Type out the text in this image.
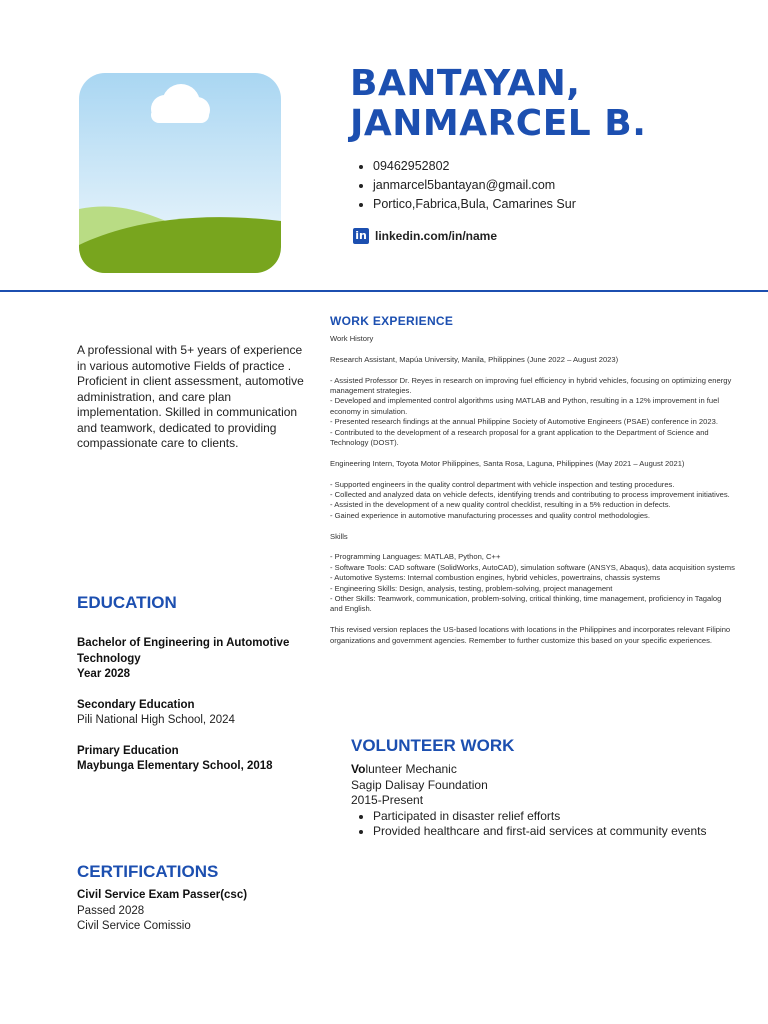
BANTAYAN,
JANMARCEL B.
• 09462952802
• janmarcel5bantayan@gmail.com
• Portico,Fabrica,Bula, Camarines Sur
in linkedin.com/in/name

A professional with 5+ years of experience in various automotive Fields of practice . Proficient in client assessment, automotive administration, and care plan implementation. Skilled in communication and teamwork, dedicated to providing compassionate care to clients.

WORK EXPERIENCE

Work History

Research Assistant, Mapúa University, Manila, Philippines (June 2022 – August 2023)

- Assisted Professor Dr. Reyes in research on improving fuel efficiency in hybrid vehicles, focusing on optimizing energy management strategies.

- Developed and implemented control algorithms using MATLAB and Python, resulting in a 12% improvement in fuel economy in simulation.

- Presented research findings at the annual Philippine Society of Automotive Engineers (PSAE) conference in 2023.

- Contributed to the development of a research proposal for a grant application to the Department of Science and Technology (DOST).

Engineering Intern, Toyota Motor Philippines, Santa Rosa, Laguna, Philippines (May 2021 – August 2021)

- Supported engineers in the quality control department with vehicle inspection and testing procedures.

- Collected and analyzed data on vehicle defects, identifying trends and contributing to process improvement initiatives.

- Assisted in the development of a new quality control checklist, resulting in a 5% reduction in defects.

- Gained experience in automotive manufacturing processes and quality control methodologies.

Skills

- Programming Languages: MATLAB, Python, C++

- Software Tools: CAD software (SolidWorks, AutoCAD), simulation software (ANSYS, Abaqus), data acquisition systems

- Automotive Systems: Internal combustion engines, hybrid vehicles, powertrains, chassis systems

- Engineering Skills: Design, analysis, testing, problem-solving, project management

- Other Skills: Teamwork, communication, problem-solving, critical thinking, time management, proficiency in Tagalog and English.

This revised version replaces the US-based locations with locations in the Philippines and incorporates relevant Filipino organizations and government agencies. Remember to further customize this based on your specific experiences.

EDUCATION

Bachelor of Engineering in Automotive Technology

Year 2028

Secondary Education

Pili National High School, 2024

Primary Education

Maybunga Elementary School, 2018

VOLUNTEER WORK

Volunteer Mechanic

Sagip Dalisay Foundation

2015-Present

• Participated in disaster relief efforts
• Provided healthcare and first-aid services at community events
CERTIFICATIONS

Civil Service Exam Passer(csc)

Passed 2028

Civil Service Comissio
